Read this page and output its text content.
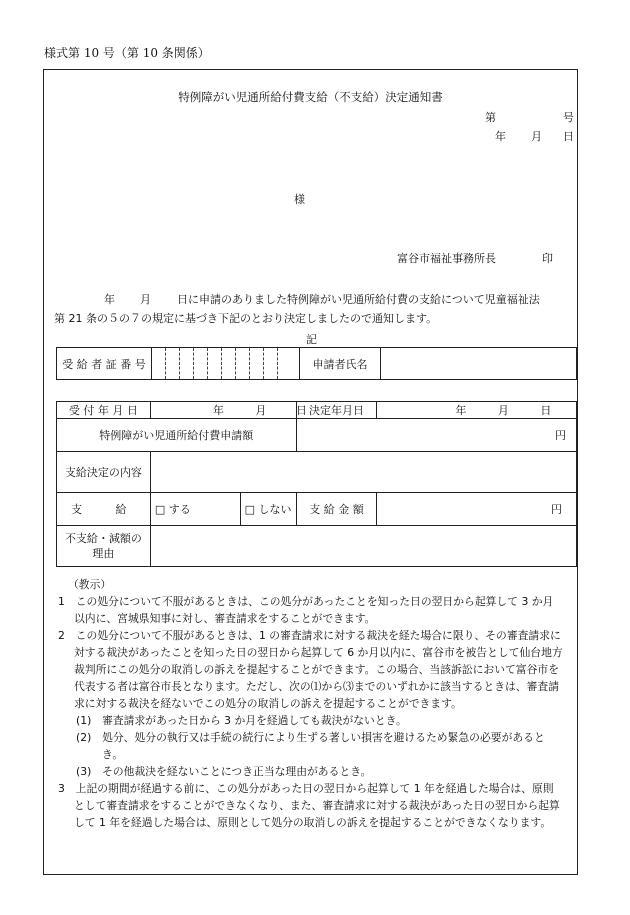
様式第 10 号（第 10 条関係）
特例障がい児通所給付費支給（不支給）決定通知書
第	号
年 月 日
様
富谷市福祉事務所長	印
年 月 日に申請のありました特例障がい児通所給付費の支給について児童福祉法
第 21 条の５の７の規定に基づき下記のとおり決定しましたので通知します。
記
受 給 者 証 番 号											申請者氏名	
受 付 年 月 日	年 月 日		決定年月日	年 月 日
特例障がい児通所給付費申請額			円	
支給決定の内容				
支 給	□ する	□ しない	支 給 金 額	円

不支給・減額の
理由				

（教示）

1　この処分について不服があるときは、この処分があったことを知った日の翌日から起算して 3 か月以内に、宮城県知事に対し、審査請求をすることができます。

2　この処分について不服があるときは、1 の審査請求に対する裁決を経た場合に限り、その審査請求に対する裁決があったことを知った日の翌日から起算して 6 か月以内に、富谷市を被告として仙台地方裁判所にこの処分の取消しの訴えを提起することができます。この場合、当該訴訟において富谷市を代表する者は富谷市長となります。ただし、次の⑴から⑶までのいずれかに該当するときは、審査請求に対する裁決を経ないでこの処分の取消しの訴えを提起することができます。

(1)　審査請求があった日から 3 か月を経過しても裁決がないとき。

(2)　処分、処分の執行又は手続の続行により生ずる著しい損害を避けるため緊急の必要があるとき。

(3)　その他裁決を経ないことにつき正当な理由があるとき。

3　上記の期間が経過する前に、この処分があった日の翌日から起算して 1 年を経過した場合は、原則として審査請求をすることができなくなり、また、審査請求に対する裁決があった日の翌日から起算して 1 年を経過した場合は、原則として処分の取消しの訴えを提起することができなくなります。
